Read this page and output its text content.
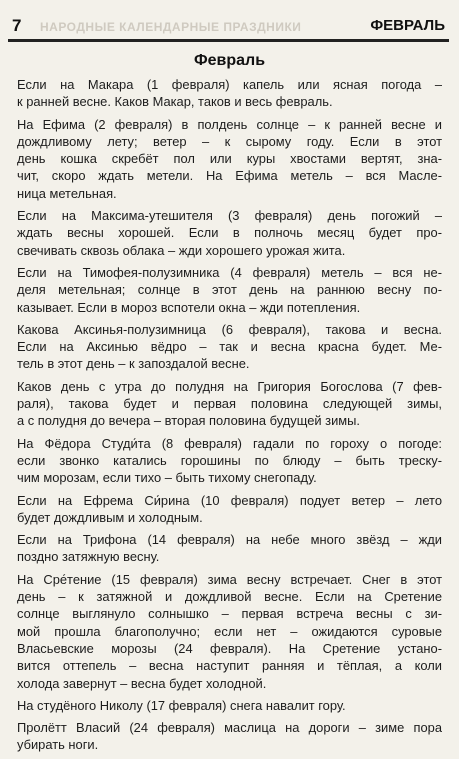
7 НАРОДНЫЕ КАЛЕНДАРНЫЕ ПРАЗДНИКИ	ФЕВРАЛЬ
Февраль
Если на Макара (1 февраля) капель или ясная погода –
к ранней весне. Каков Макар, таков и весь февраль.
На Ефима (2 февраля) в полдень солнце – к ранней весне и
дождливому лету; ветер – к сырому году. Если в этот
день кошка скребёт пол или куры хвостами вертят, зна-
чит, скоро ждать метели. На Ефима метель – вся Масле-
ница метельная.
Если на Максима-утешителя (3 февраля) день погожий –
ждать весны хорошей. Если в полночь месяц будет про-
свечивать сквозь облака – жди хорошего урожая жита.
Если на Тимофея-полузимника (4 февраля) метель – вся не-
деля метельная; солнце в этот день на раннюю весну по-
казывает. Если в мороз вспотели окна – жди потепления.
Какова Аксинья-полузимница (6 февраля), такова и весна.
Если на Аксинью вёдро – так и весна красна будет. Ме-
тель в этот день – к запоздалой весне.
Каков день с утра до полудня на Григория Богослова (7 фев-
раля), такова будет и первая половина следующей зимы,
а с полудня до вечера – вторая половина будущей зимы.
На Фёдора Студи́та (8 февраля) гадали по гороху о погоде:
если звонко катались горошины по блюду – быть треску-
чим морозам, если тихо – быть тихому снегопаду.
Если на Ефрема Си́рина (10 февраля) подует ветер – лето
будет дождливым и холодным.
Если на Трифона (14 февраля) на небе много звёзд – жди
поздно затяжную весну.
На Сре́тение (15 февраля) зима весну встречает. Снег в этот
день – к затяжной и дождливой весне. Если на Сретение
солнце выглянуло солнышко – первая встреча весны с зи-
мой прошла благополучно; если нет – ожидаются суровые
Власьевские морозы (24 февраля). На Сретение устано-
вится оттепель – весна наступит ранняя и тёплая, а коли
холода завернут – весна будет холодной.
На студёного Николу (17 февраля) снега навалит гору.
Пролётт Власий (24 февраля) маслица на дороги – зиме пора
убирать ноги.
